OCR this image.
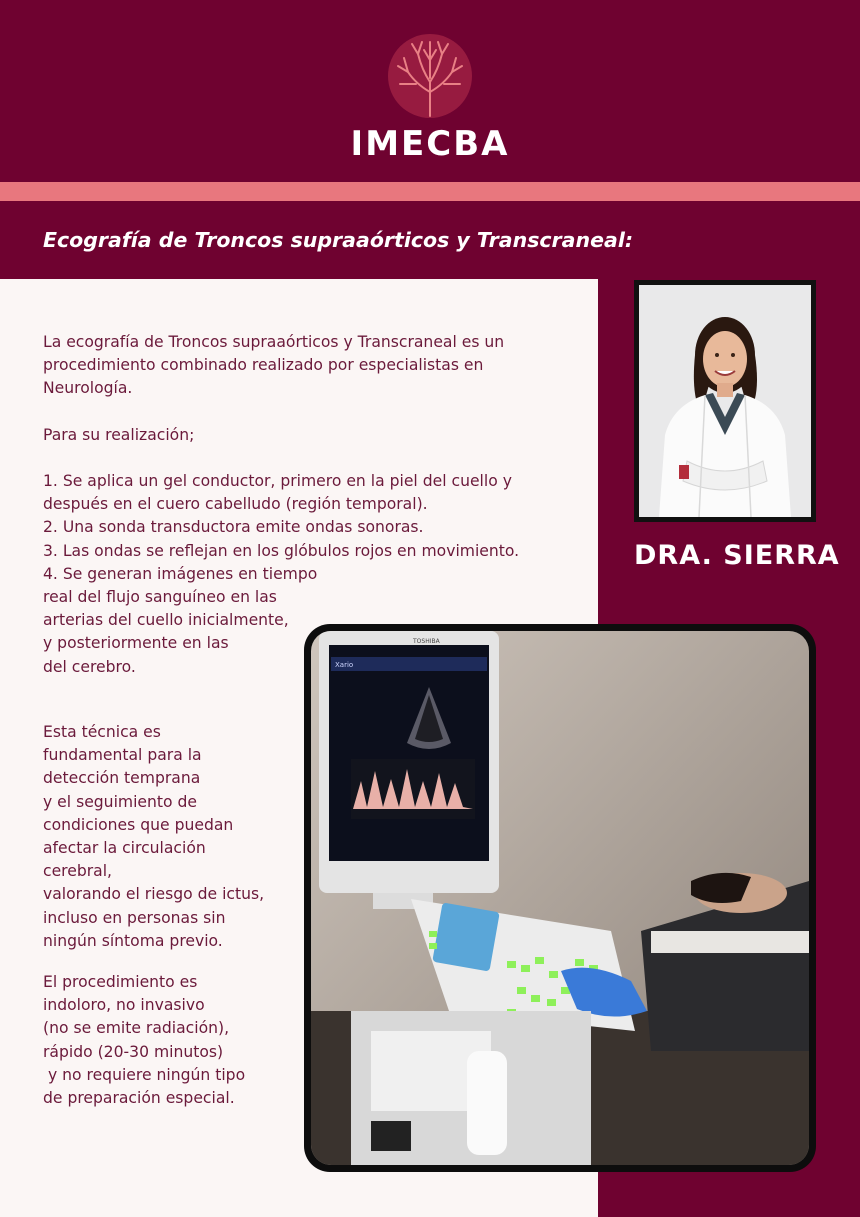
IMECBA
Ecografía de Troncos supraaórticos y Transcraneal:
DRA. SIERRA
La ecografía de Troncos supraaórticos y Transcraneal es un
procedimiento combinado realizado por especialistas en
Neurología.
Para su realización;
1. Se aplica un gel conductor, primero en la piel del cuello y
después en el cuero cabelludo (región temporal).
2. Una sonda transductora emite ondas sonoras.
3. Las ondas se reflejan en los glóbulos rojos en movimiento.
4. Se generan imágenes en tiempo
real del flujo sanguíneo en las
arterias del cuello inicialmente,
y posteriormente en las
del cerebro.
Esta técnica es
fundamental para la
detección temprana
y el seguimiento de
condiciones que puedan
afectar la circulación
cerebral,
valorando el riesgo de ictus,
incluso en personas sin
ningún síntoma previo.
El procedimiento es
indoloro, no invasivo
(no se emite radiación),
rápido (20-30 minutos)
y no requiere ningún tipo
de preparación especial.
Xario
TOSHIBA
